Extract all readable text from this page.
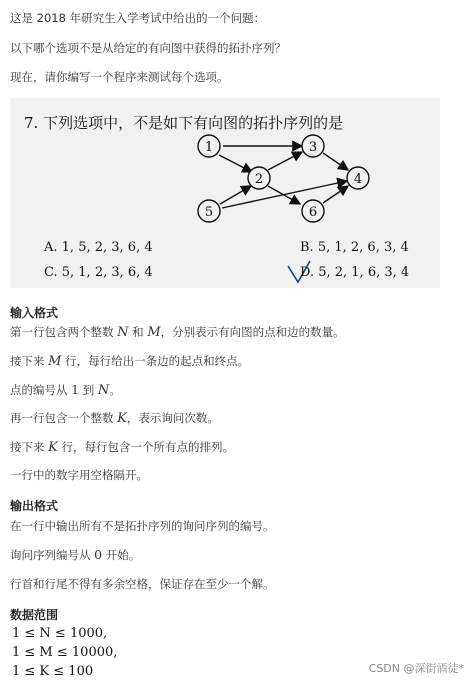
这是 2018 年研究生入学考试中给出的一个问题：
以下哪个选项不是从给定的有向图中获得的拓扑序列？
现在，请你编写一个程序来测试每个选项。
7. 下列选项中，不是如下有向图的拓扑序列的是
1
2
3
4
5	6
A. 1, 5, 2, 3, 6, 4	B. 5, 1, 2, 6, 3, 4
C. 5, 1, 2, 3, 6, 4	D. 5, 2, 1, 6, 3, 4
输入格式
第一行包含两个整数 N 和 M，分别表示有向图的点和边的数量。
接下来 M 行，每行给出一条边的起点和终点。
点的编号从 1 到 N。
再一行包含一个整数 K，表示询问次数。
接下来 K 行，每行包含一个所有点的排列。
一行中的数字用空格隔开。
输出格式
在一行中输出所有不是拓扑序列的询问序列的编号。
询问序列编号从 0 开始。
行首和行尾不得有多余空格，保证存在至少一个解。
数据范围
1 ≤ N ≤ 1000,
1 ≤ M ≤ 10000,
1 ≤ K ≤ 100	CSDN @深街酒徒*
